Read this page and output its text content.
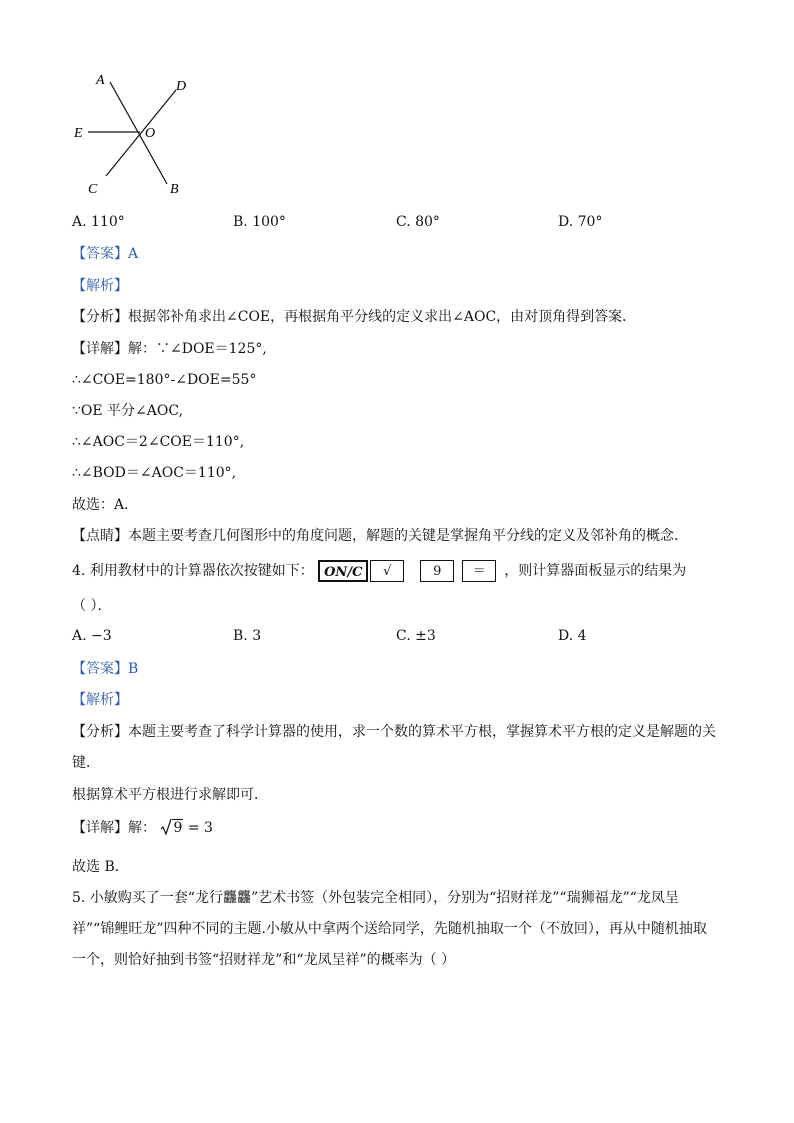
A	D
E	O
C	B
A. 110°	B. 100°	C. 80°	D. 70°
【答案】A
【解析】
【分析】根据邻补角求出∠COE，再根据角平分线的定义求出∠AOC，由对顶角得到答案．
【详解】解：∵∠DOE＝125°,
∴∠COE=180°-∠DOE=55°
∵OE 平分∠AOC,
∴∠AOC＝2∠COE＝110°,
∴∠BOD＝∠AOC＝110°,
故选：A．
【点睛】本题主要考查几何图形中的角度问题，解题的关键是掌握角平分线的定义及邻补角的概念．
4. 利用教材中的计算器依次按键如下： ON/C √	9 ＝ ，则计算器面板显示的结果为
（ ）．
A. −3	B. 3	C. ±3	D. 4
【答案】B
【解析】
【分析】本题主要考查了科学计算器的使用，求一个数的算术平方根，掌握算术平方根的定义是解题的关
键．
根据算术平方根进行求解即可．
【详解】解： 9 = 3
故选 B．
5. 小敏购买了一套“龙行龘龘”艺术书签（外包装完全相同），分别为“招财祥龙”“瑞狮福龙”“龙凤呈
祥”“锦鲤旺龙”四种不同的主题.小敏从中拿两个送给同学，先随机抽取一个（不放回），再从中随机抽取
一个，则恰好抽到书签“招财祥龙”和“龙凤呈祥”的概率为（ ）
